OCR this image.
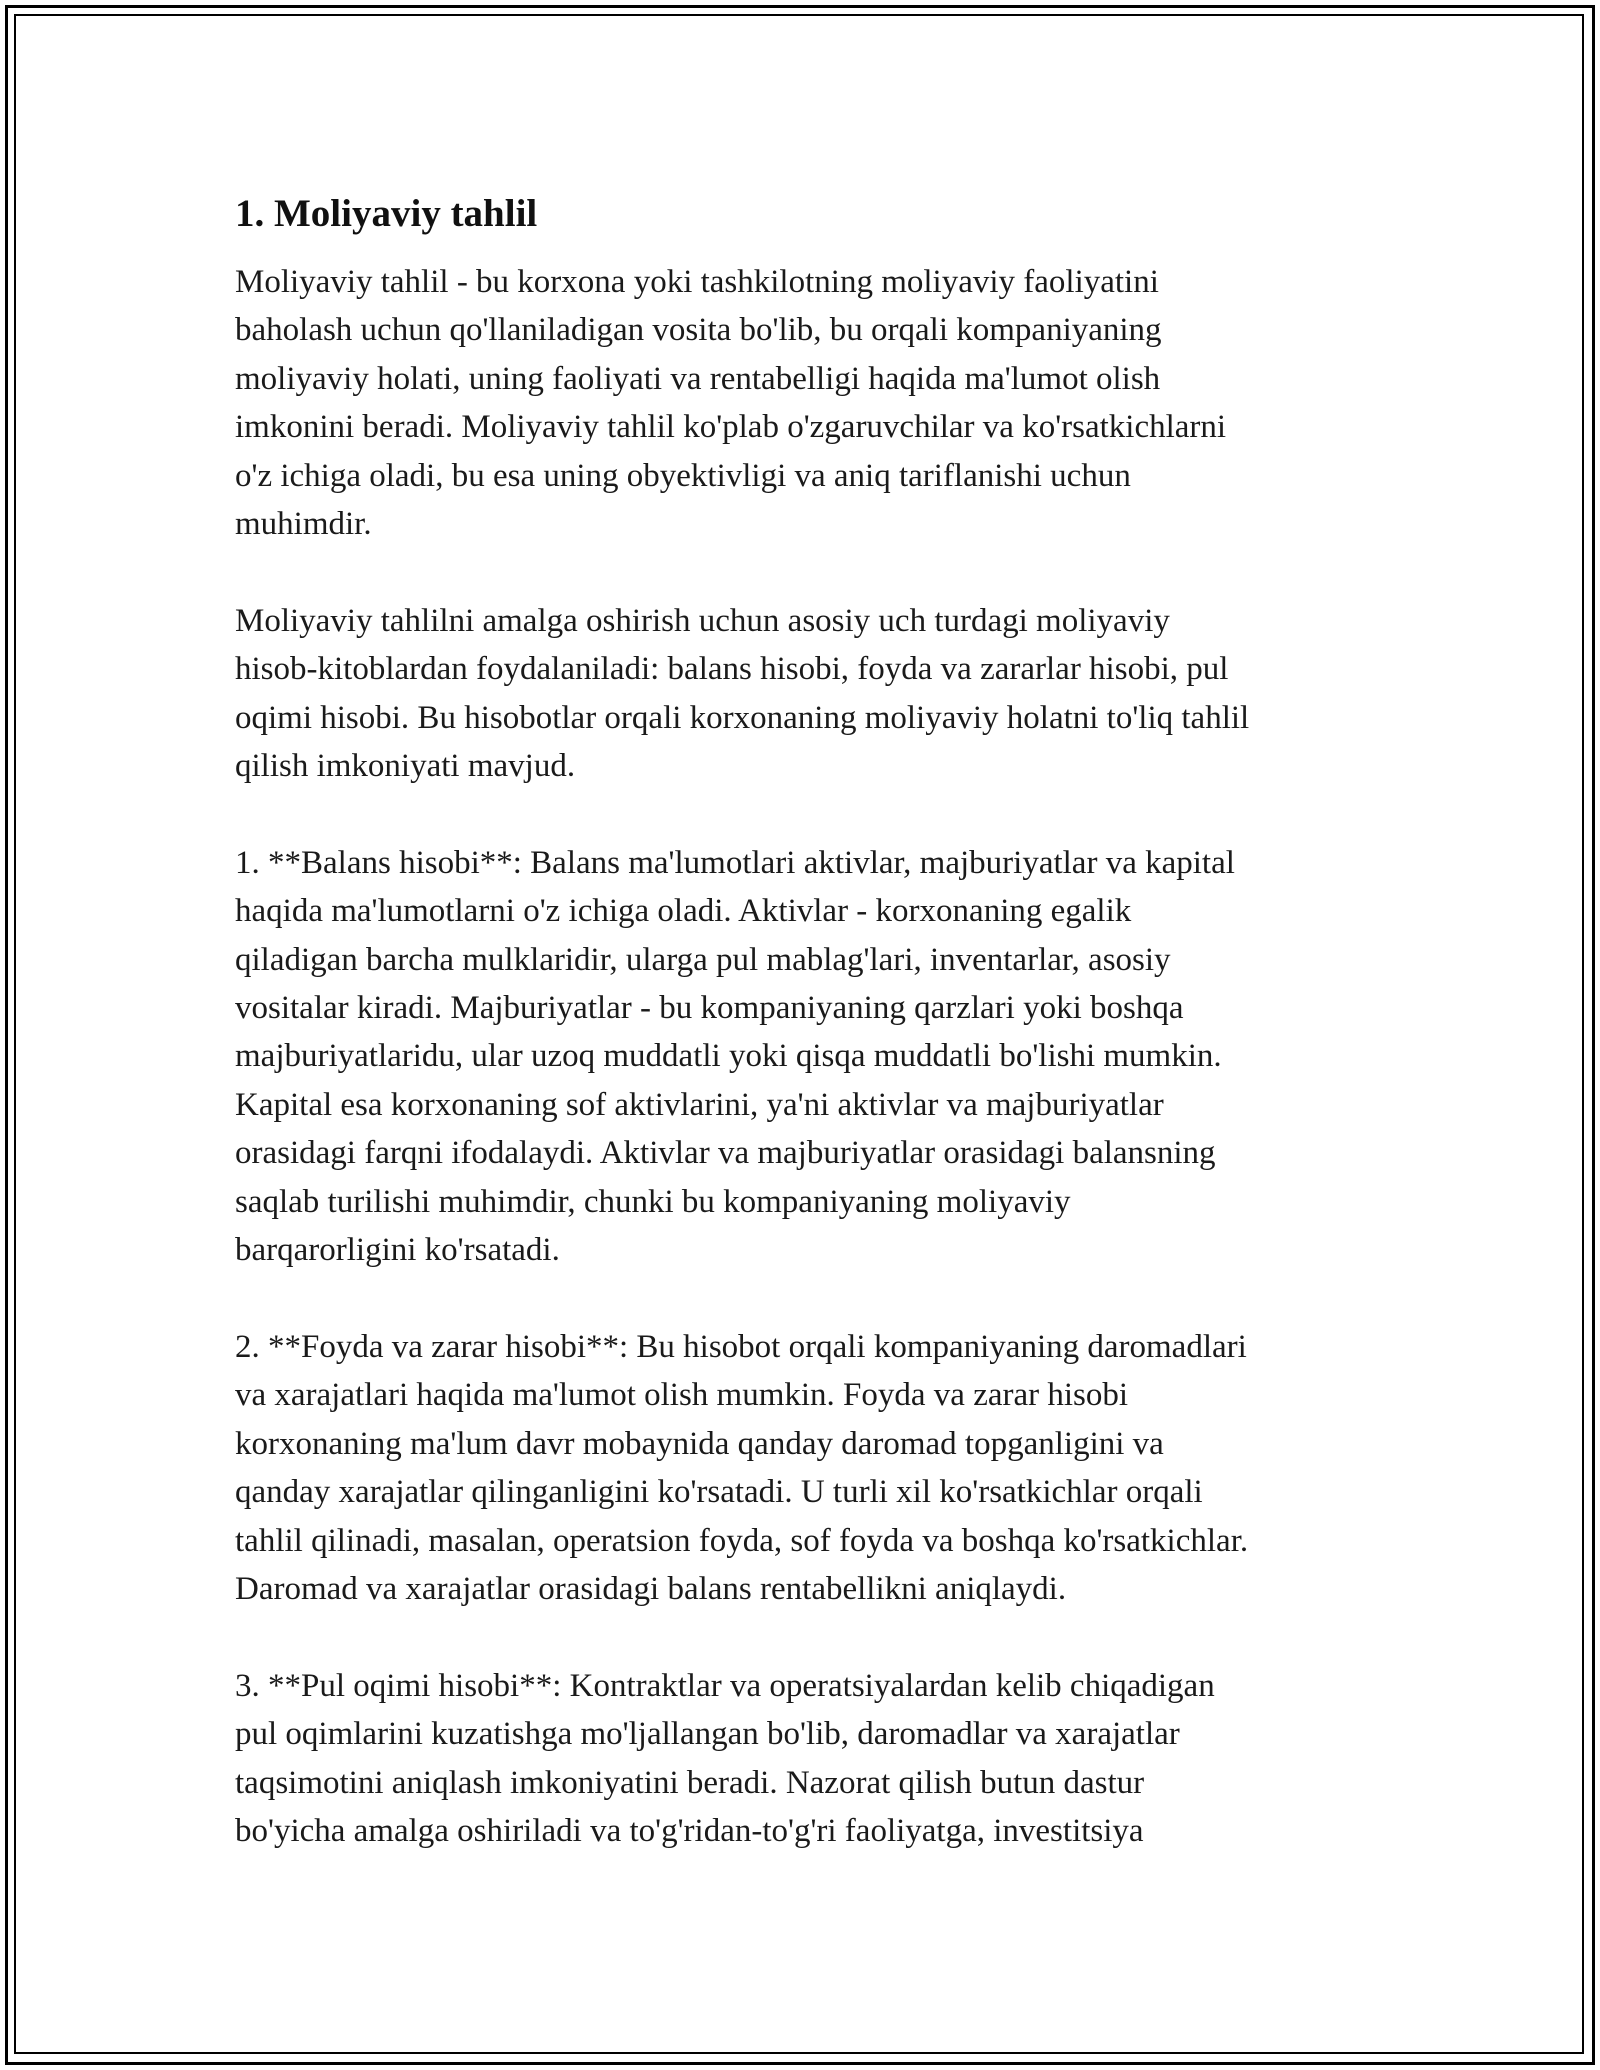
1. Moliyaviy tahlil
Moliyaviy tahlil - bu korxona yoki tashkilotning moliyaviy faoliyatini
baholash uchun qo'llaniladigan vosita bo'lib, bu orqali kompaniyaning
moliyaviy holati, uning faoliyati va rentabelligi haqida ma'lumot olish
imkonini beradi. Moliyaviy tahlil ko'plab o'zgaruvchilar va ko'rsatkichlarni
o'z ichiga oladi, bu esa uning obyektivligi va aniq tariflanishi uchun
muhimdir.
Moliyaviy tahlilni amalga oshirish uchun asosiy uch turdagi moliyaviy
hisob-kitoblardan foydalaniladi: balans hisobi, foyda va zararlar hisobi, pul
oqimi hisobi. Bu hisobotlar orqali korxonaning moliyaviy holatni to'liq tahlil
qilish imkoniyati mavjud.
1. **Balans hisobi**: Balans ma'lumotlari aktivlar, majburiyatlar va kapital
haqida ma'lumotlarni o'z ichiga oladi. Aktivlar - korxonaning egalik
qiladigan barcha mulklaridir, ularga pul mablag'lari, inventarlar, asosiy
vositalar kiradi. Majburiyatlar - bu kompaniyaning qarzlari yoki boshqa
majburiyatlaridu, ular uzoq muddatli yoki qisqa muddatli bo'lishi mumkin.
Kapital esa korxonaning sof aktivlarini, ya'ni aktivlar va majburiyatlar
orasidagi farqni ifodalaydi. Aktivlar va majburiyatlar orasidagi balansning
saqlab turilishi muhimdir, chunki bu kompaniyaning moliyaviy
barqarorligini ko'rsatadi.
2. **Foyda va zarar hisobi**: Bu hisobot orqali kompaniyaning daromadlari
va xarajatlari haqida ma'lumot olish mumkin. Foyda va zarar hisobi
korxonaning ma'lum davr mobaynida qanday daromad topganligini va
qanday xarajatlar qilinganligini ko'rsatadi. U turli xil ko'rsatkichlar orqali
tahlil qilinadi, masalan, operatsion foyda, sof foyda va boshqa ko'rsatkichlar.
Daromad va xarajatlar orasidagi balans rentabellikni aniqlaydi.
3. **Pul oqimi hisobi**: Kontraktlar va operatsiyalardan kelib chiqadigan
pul oqimlarini kuzatishga mo'ljallangan bo'lib, daromadlar va xarajatlar
taqsimotini aniqlash imkoniyatini beradi. Nazorat qilish butun dastur
bo'yicha amalga oshiriladi va to'g'ridan-to'g'ri faoliyatga, investitsiya
